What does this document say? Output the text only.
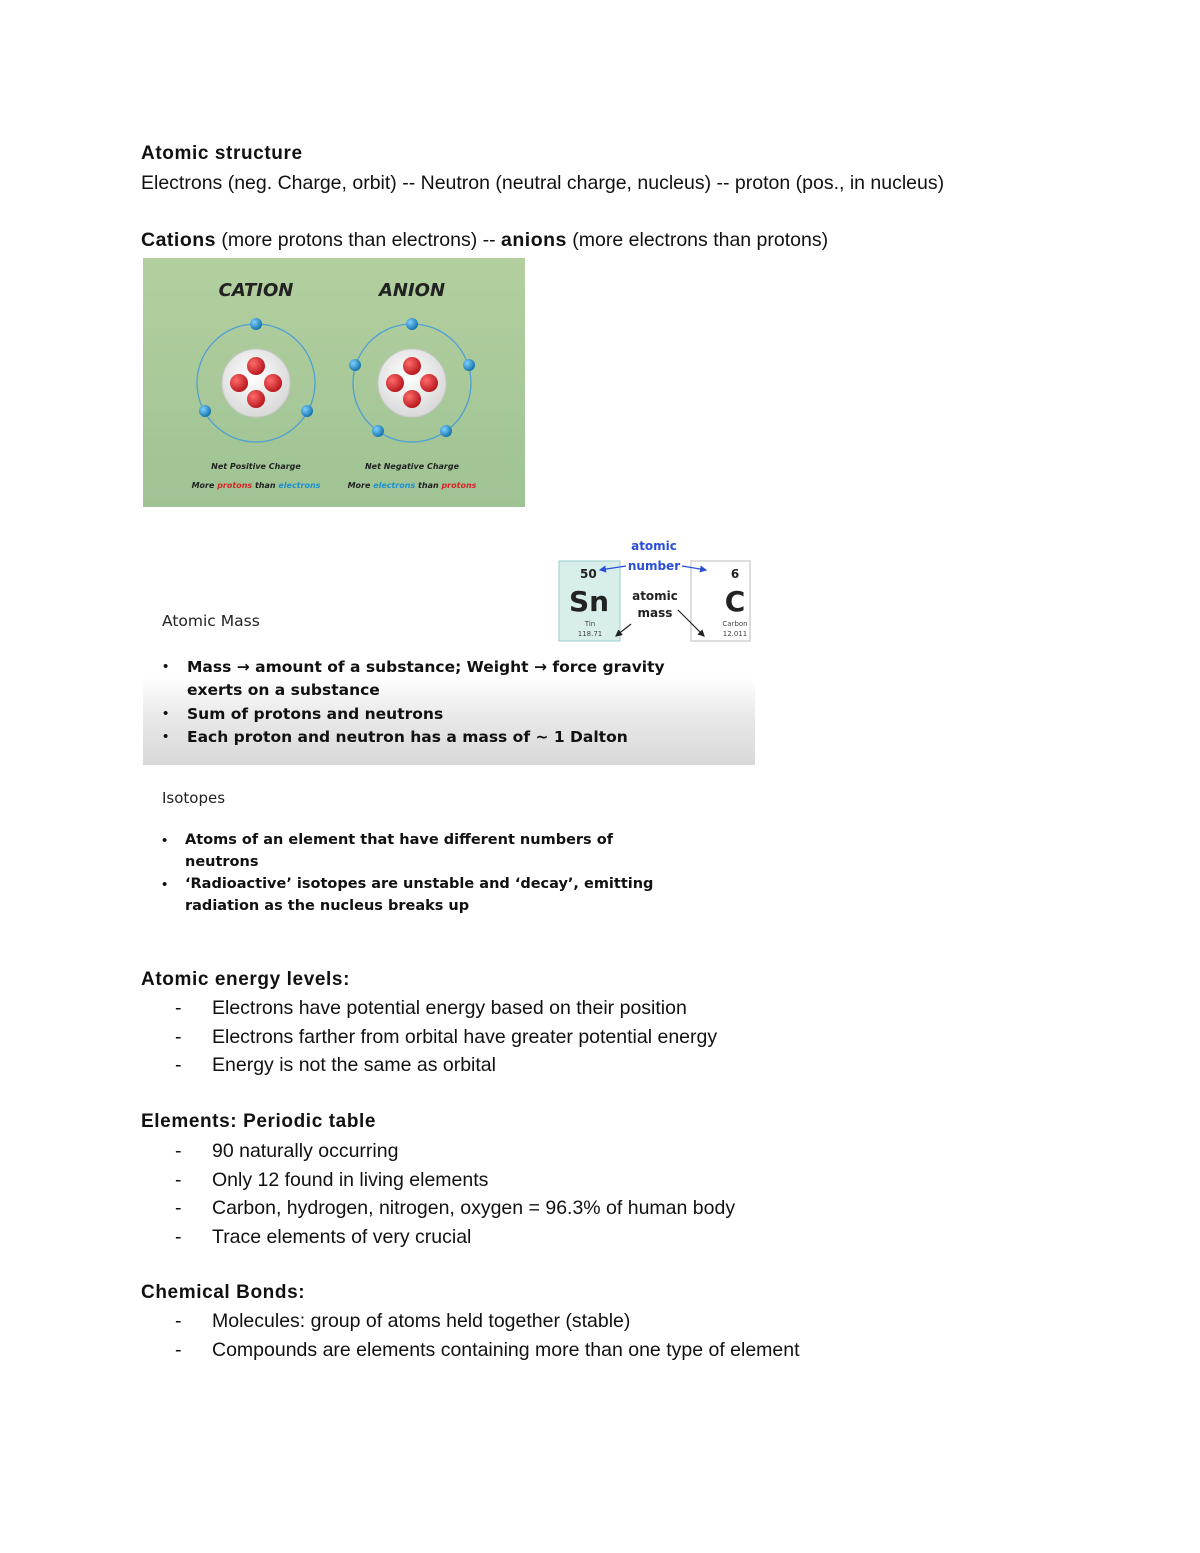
Atomic structure

Electrons (neg. Charge, orbit) -- Neutron (neutral charge, nucleus) -- proton (pos., in nucleus)

Cations (more protons than electrons) -- anions (more electrons than protons)

CATION	ANION
Net Positive Charge
More protons than electrons
Net Negative Charge
More electrons than protons
Atomic Mass
• Mass → amount of a substance; Weight → force gravity
exerts on a substance
• Sum of protons and neutrons
• Each proton and neutron has a mass of ~ 1 Dalton
Isotopes
• Atoms of an element that have different numbers of
neutrons
• ‘Radioactive’ isotopes are unstable and ‘decay’, emitting
radiation as the nucleus breaks up
atomic
number
atomic
mass
50
Sn
Tin
118.71
6
C
Carbon
12.011

Atomic energy levels:

- Electrons have potential energy based on their position
- Electrons farther from orbital have greater potential energy
- Energy is not the same as orbital

Elements: Periodic table

- 90 naturally occurring
- Only 12 found in living elements
- Carbon, hydrogen, nitrogen, oxygen = 96.3% of human body
- Trace elements of very crucial

Chemical Bonds:

- Molecules: group of atoms held together (stable)
- Compounds are elements containing more than one type of element
